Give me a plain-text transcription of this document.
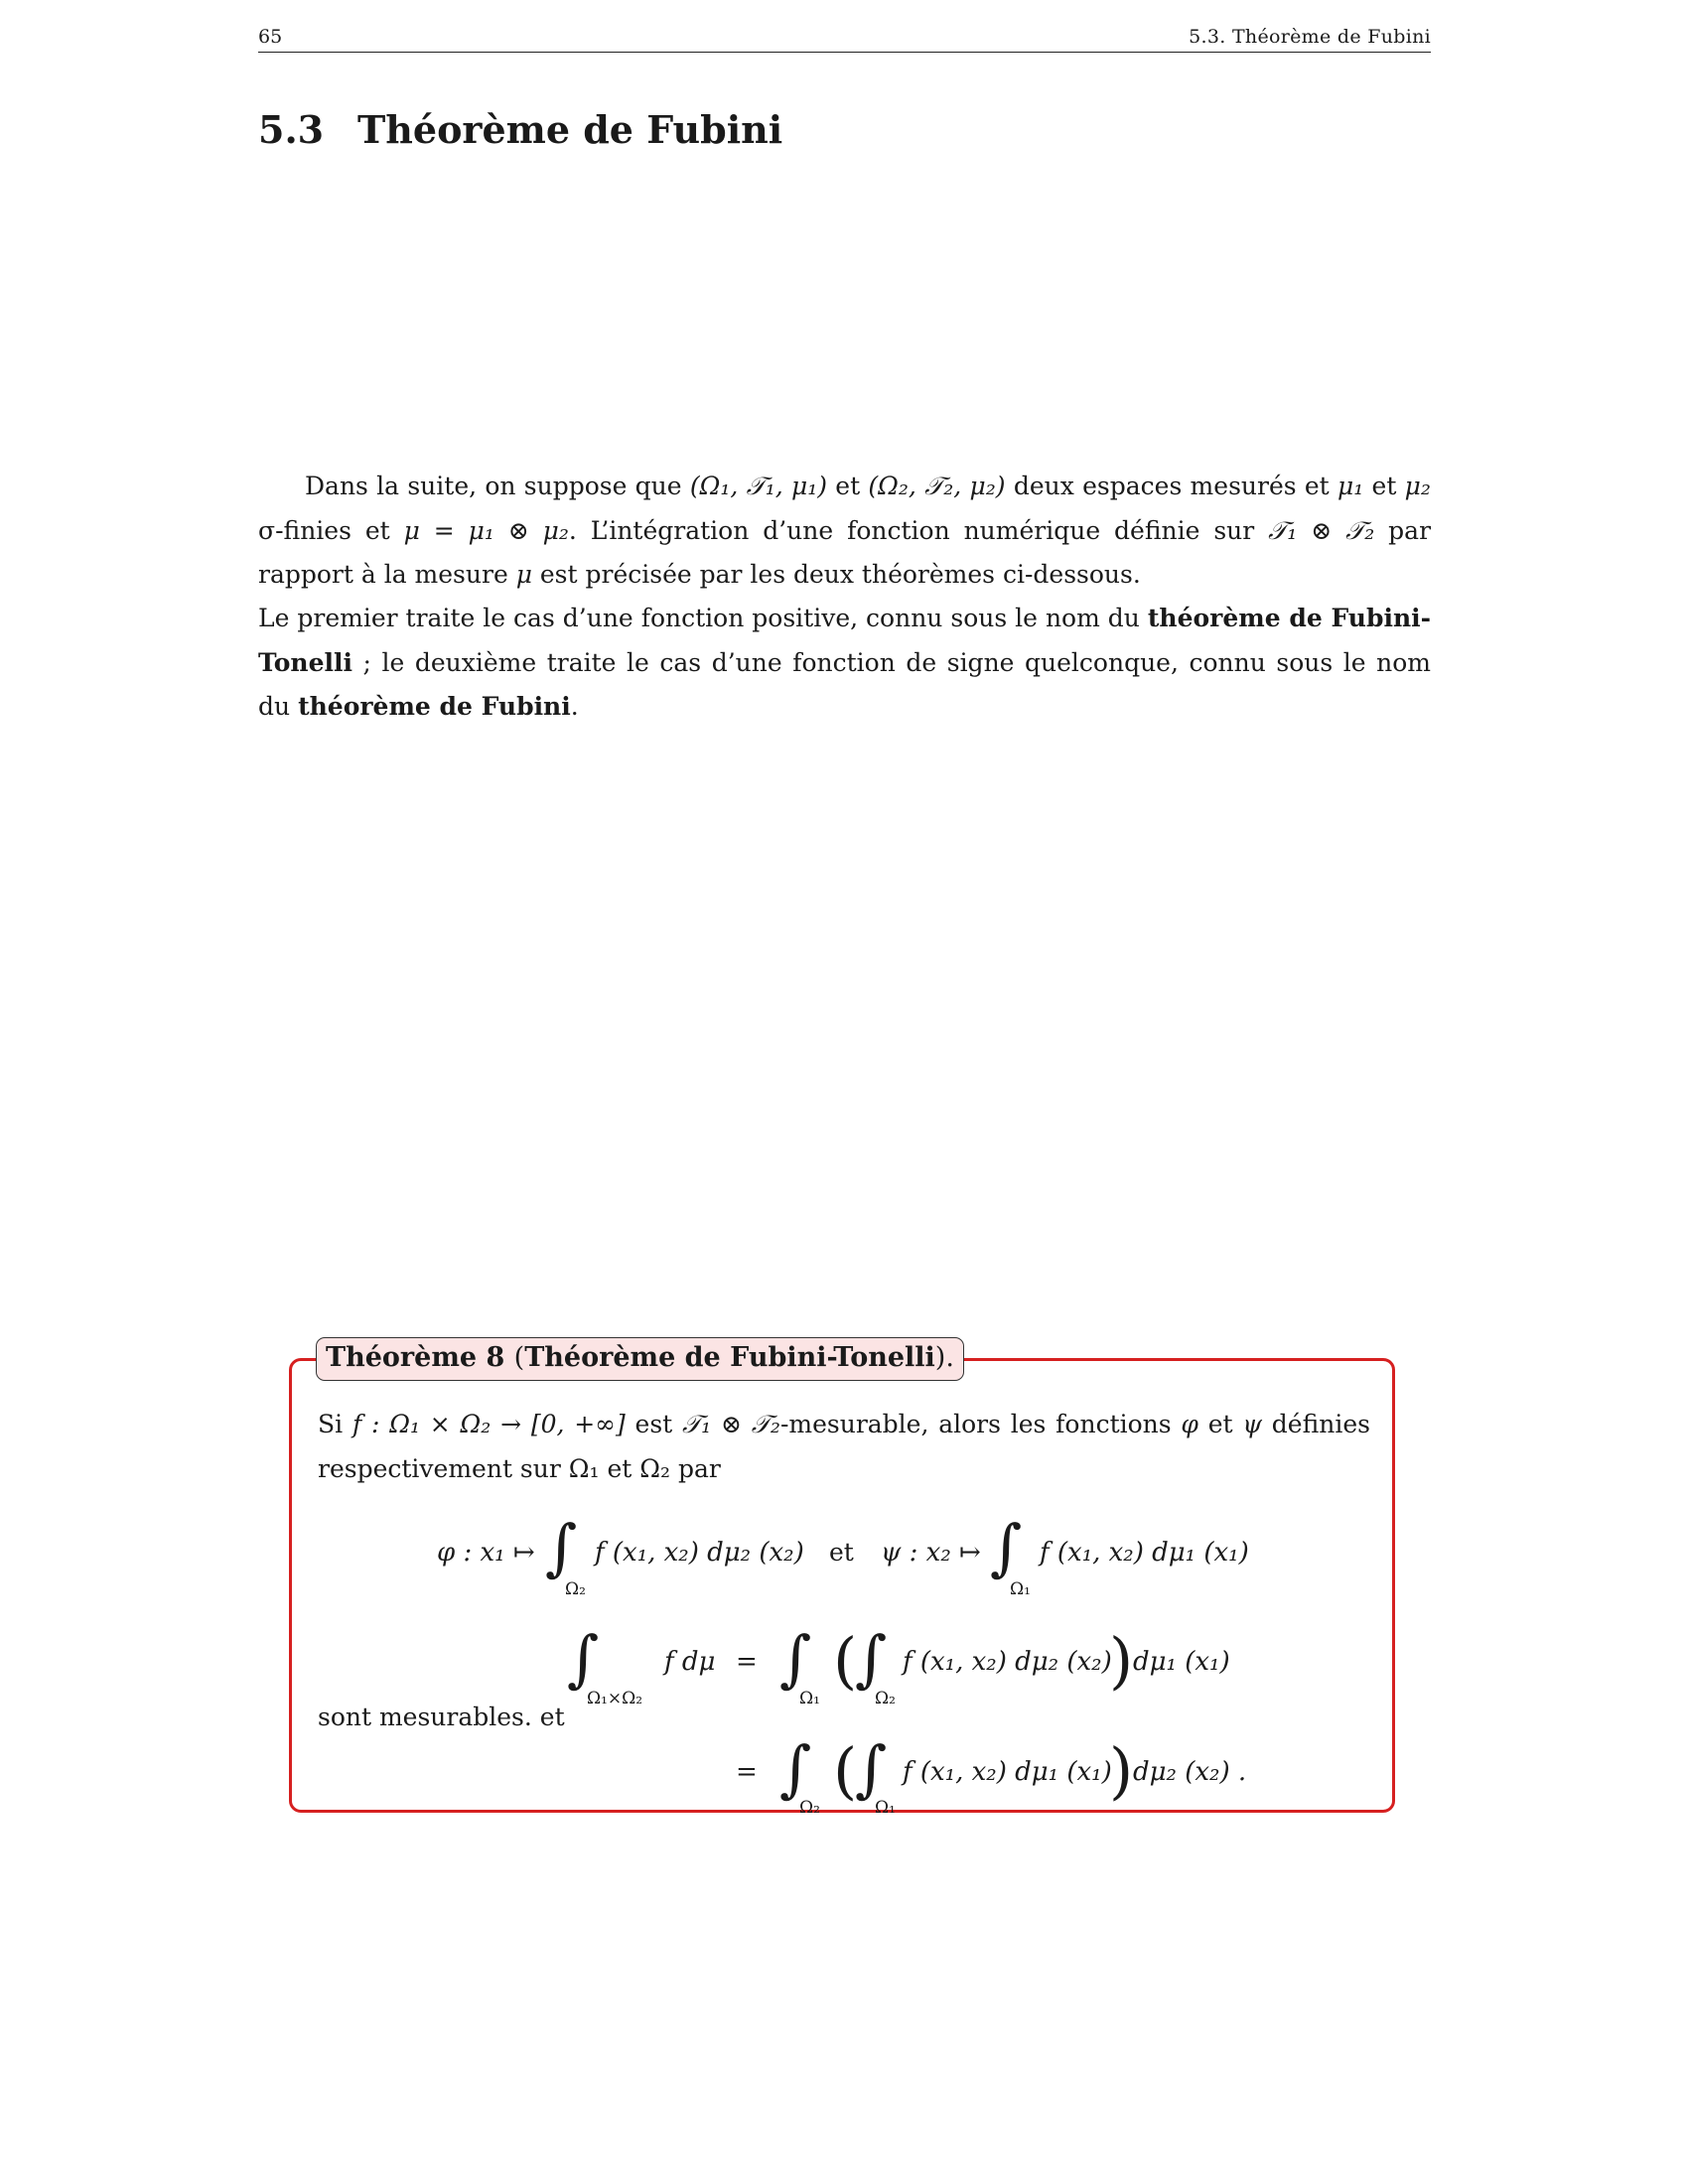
65	5.3. Théorème de Fubini
5.3 Théorème de Fubini

Dans la suite, on suppose que (Ω₁, 𝒯₁, μ₁) et (Ω₂, 𝒯₂, μ₂) deux espaces mesurés et μ₁ et μ₂ σ-finies et μ = μ₁ ⊗ μ₂. L’intégration d’une fonction numérique définie sur 𝒯₁ ⊗ 𝒯₂ par rapport à la mesure μ est précisée par les deux théorèmes ci-dessous.

Le premier traite le cas d’une fonction positive, connu sous le nom du théorème de Fubini-Tonelli ; le deuxième traite le cas d’une fonction de signe quelconque, connu sous le nom du théorème de Fubini.

Théorème 8 (Théorème de Fubini-Tonelli).

Si f : Ω₁ × Ω₂ → [0, +∞] est 𝒯₁ ⊗ 𝒯₂-mesurable, alors les fonctions φ et ψ définies respectivement sur Ω₁ et Ω₂ par

sont mesurables. et
φ : x₁ ↦ ∫
Ω₂
f (x₁, x₂) dμ₂ (x₂) et ψ : x₂ ↦ ∫
Ω₁
f (x₁, x₂) dμ₁ (x₁)
∫
Ω₁×Ω₂
f dμ = ∫
Ω₁
(
∫
Ω₂
f (x₁, x₂) dμ₂ (x₂)
) dμ₁ (x₁)
= ∫
Ω₂
(
∫
Ω₁
f (x₁, x₂) dμ₁ (x₁)
) dμ₂ (x₂) .
